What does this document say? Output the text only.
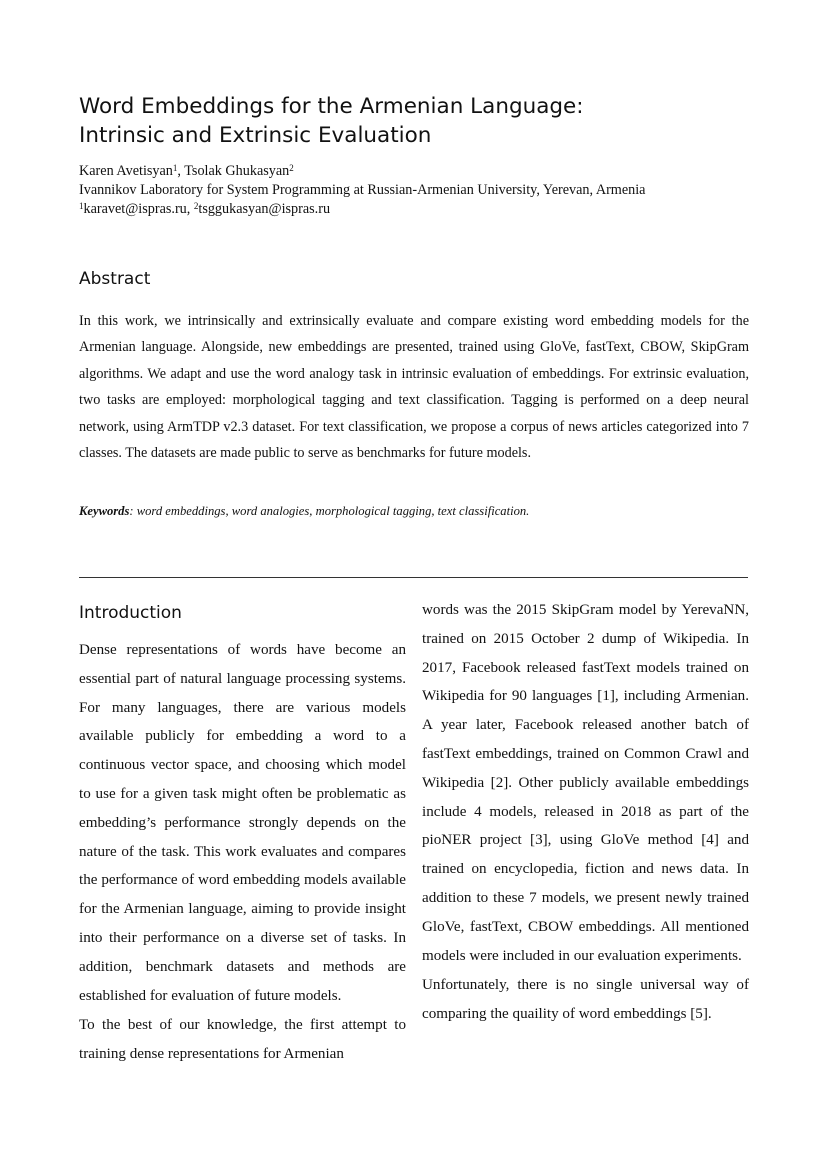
Word Embeddings for the Armenian Language:
Intrinsic and Extrinsic Evaluation
Karen Avetisyan$^1$, Tsolak Ghukasyan$^2$
Ivannikov Laboratory for System Programming at Russian-Armenian University, Yerevan, Armenia
$^1$karavet@ispras.ru, $^2$tsggukasyan@ispras.ru
Abstract

In this work, we intrinsically and extrinsically evaluate and compare existing word embedding models for the Armenian language. Alongside, new embeddings are presented, trained using GloVe, fastText, CBOW, SkipGram algorithms. We adapt and use the word analogy task in intrinsic evaluation of embeddings. For extrinsic evaluation, two tasks are employed: morphological tagging and text classification. Tagging is performed on a deep neural network, using ArmTDP v2.3 dataset. For text classification, we propose a corpus of news articles categorized into 7 classes. The datasets are made public to serve as benchmarks for future models.

Keywords: word embeddings, word analogies, morphological tagging, text classification.
Introduction

Dense representations of words have become an essential part of natural language processing systems. For many languages, there are various models available publicly for embedding a word to a continuous vector space, and choosing which model to use for a given task might often be problematic as embedding’s performance strongly depends on the nature of the task. This work evaluates and compares the performance of word embedding models available for the Armenian language, aiming to provide insight into their performance on a diverse set of tasks. In addition, benchmark datasets and methods are established for evaluation of future models.

To the best of our knowledge, the first attempt to training dense representations for Armenian

words was the 2015 SkipGram model by YerevaNN, trained on 2015 October 2 dump of Wikipedia. In 2017, Facebook released fastText models trained on Wikipedia for 90 languages [1], including Armenian. A year later, Facebook released another batch of fastText embeddings, trained on Common Crawl and Wikipedia [2]. Other publicly available embeddings include 4 models, released in 2018 as part of the pioNER project [3], using GloVe method [4] and trained on encyclopedia, fiction and news data. In addition to these 7 models, we present newly trained GloVe, fastText, CBOW embeddings. All mentioned models were included in our evaluation experiments.

Unfortunately, there is no single universal way of comparing the quaility of word embeddings [5].
